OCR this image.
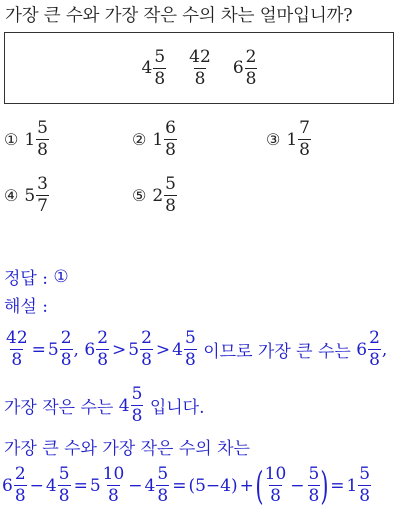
가장 큰 수와 가장 작은 수의 차는 얼마입니까?
$4 \frac{5}{8} \frac{42}{8} 6 \frac{2}{8}$
① $1 \frac{5}{8}$	② $1 \frac{6}{8}$	③ $1 \frac{7}{8}$
④ $5 \frac{3}{7}$	⑤ $2 \frac{5}{8}$
정답 :
①
해설 :
$\frac{42}{8} = 5 \frac{2}{8}$ ,
$6 \frac{2}{8} > 5 \frac{2}{8} > 4 \frac{5}{8}$
이므로 가장 큰 수는
$6 \frac{2}{8}$ ,
가장 작은 수는
$4 \frac{5}{8}$
입니다.
가장 큰 수와 가장 작은 수의 차는
$6 \frac{2}{8} - 4 \frac{5}{8} = 5 \frac{10}{8} - 4 \frac{5}{8} = (5-4)$ + ( $\frac{10}{8} - \frac{5}{8}$ ) = $1 \frac{5}{8}$
